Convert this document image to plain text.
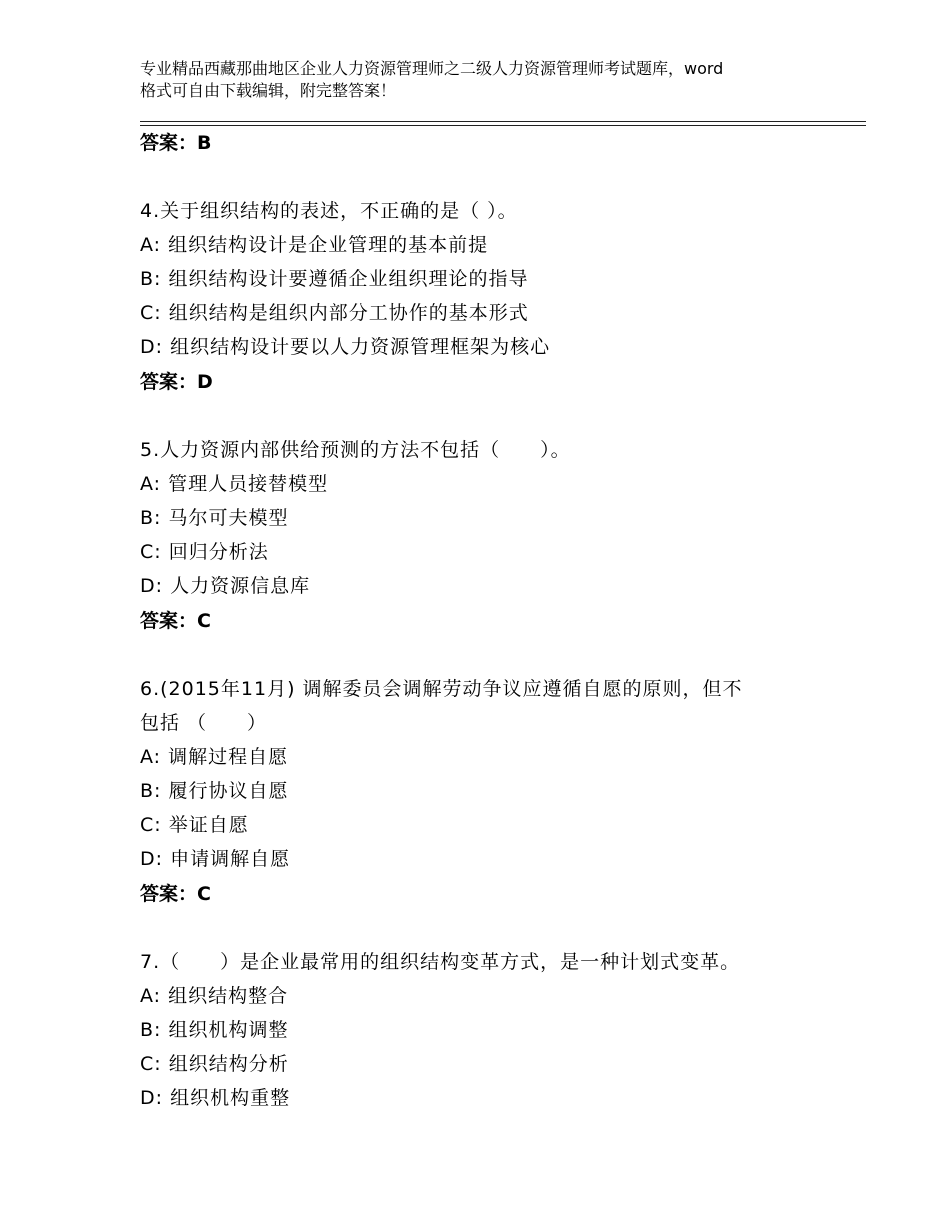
专业精品西藏那曲地区企业人力资源管理师之二级人力资源管理师考试题库，word
格式可自由下载编辑，附完整答案！
答案：B
4.关于组织结构的表述，不正确的是（ ）。
A: 组织结构设计是企业管理的基本前提
B: 组织结构设计要遵循企业组织理论的指导
C: 组织结构是组织内部分工协作的基本形式
D: 组织结构设计要以人力资源管理框架为核心
答案：D
5.人力资源内部供给预测的方法不包括（　　）。
A: 管理人员接替模型
B: 马尔可夫模型
C: 回归分析法
D: 人力资源信息库
答案：C
6.(2015年11月) 调解委员会调解劳动争议应遵循自愿的原则，但不
包括 （　　）
A: 调解过程自愿
B: 履行协议自愿
C: 举证自愿
D: 申请调解自愿
答案：C
7.（　　）是企业最常用的组织结构变革方式，是一种计划式变革。
A: 组织结构整合
B: 组织机构调整
C: 组织结构分析
D: 组织机构重整
